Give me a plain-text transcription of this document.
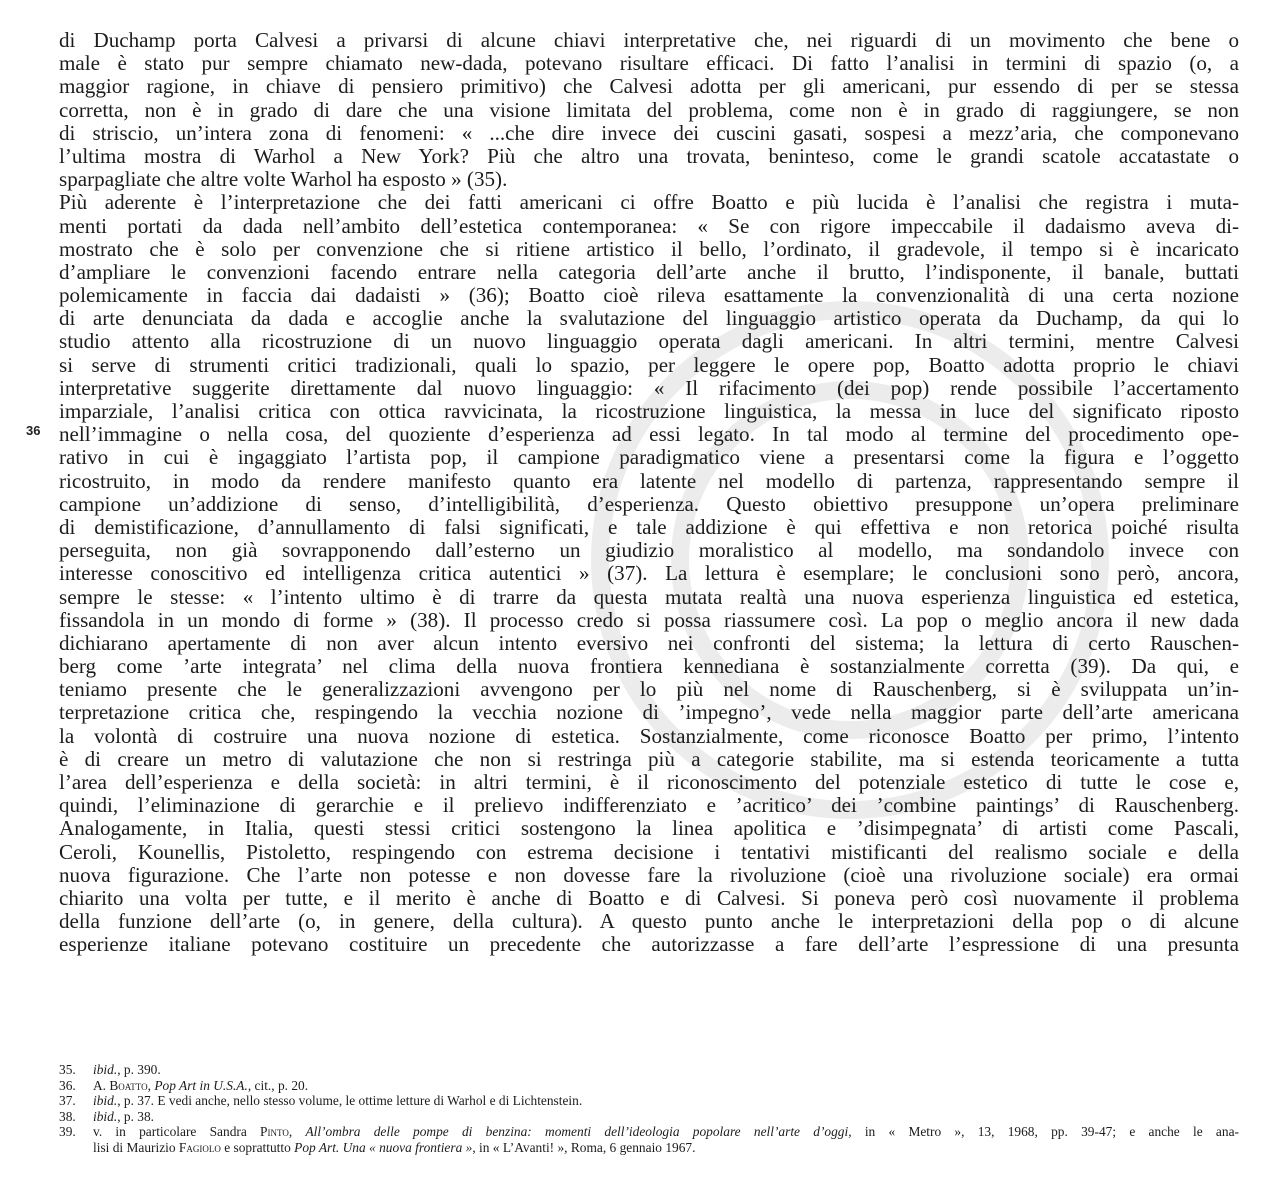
36
di Duchamp porta Calvesi a privarsi di alcune chiavi interpretative che, nei riguardi di un movimento che bene o
male è stato pur sempre chiamato new-dada, potevano risultare efficaci. Di fatto l’analisi in termini di spazio (o, a
maggior ragione, in chiave di pensiero primitivo) che Calvesi adotta per gli americani, pur essendo di per se stessa
corretta, non è in grado di dare che una visione limitata del problema, come non è in grado di raggiungere, se non
di striscio, un’intera zona di fenomeni: « ...che dire invece dei cuscini gasati, sospesi a mezz’aria, che componevano
l’ultima mostra di Warhol a New York? Più che altro una trovata, beninteso, come le grandi scatole accatastate o
sparpagliate che altre volte Warhol ha esposto » (35).
Più aderente è l’interpretazione che dei fatti americani ci offre Boatto e più lucida è l’analisi che registra i muta-
menti portati da dada nell’ambito dell’estetica contemporanea: « Se con rigore impeccabile il dadaismo aveva di-
mostrato che è solo per convenzione che si ritiene artistico il bello, l’ordinato, il gradevole, il tempo si è incaricato
d’ampliare le convenzioni facendo entrare nella categoria dell’arte anche il brutto, l’indisponente, il banale, buttati
polemicamente in faccia dai dadaisti » (36); Boatto cioè rileva esattamente la convenzionalità di una certa nozione
di arte denunciata da dada e accoglie anche la svalutazione del linguaggio artistico operata da Duchamp, da qui lo
studio attento alla ricostruzione di un nuovo linguaggio operata dagli americani. In altri termini, mentre Calvesi
si serve di strumenti critici tradizionali, quali lo spazio, per leggere le opere pop, Boatto adotta proprio le chiavi
interpretative suggerite direttamente dal nuovo linguaggio: « Il rifacimento (dei pop) rende possibile l’accertamento
imparziale, l’analisi critica con ottica ravvicinata, la ricostruzione linguistica, la messa in luce del significato riposto
nell’immagine o nella cosa, del quoziente d’esperienza ad essi legato. In tal modo al termine del procedimento ope-
rativo in cui è ingaggiato l’artista pop, il campione paradigmatico viene a presentarsi come la figura e l’oggetto
ricostruito, in modo da rendere manifesto quanto era latente nel modello di partenza, rappresentando sempre il
campione un’addizione di senso, d’intelligibilità, d’esperienza. Questo obiettivo presuppone un’opera preliminare
di demistificazione, d’annullamento di falsi significati, e tale addizione è qui effettiva e non retorica poiché risulta
perseguita, non già sovrapponendo dall’esterno un giudizio moralistico al modello, ma sondandolo invece con
interesse conoscitivo ed intelligenza critica autentici » (37). La lettura è esemplare; le conclusioni sono però, ancora,
sempre le stesse: « l’intento ultimo è di trarre da questa mutata realtà una nuova esperienza linguistica ed estetica,
fissandola in un mondo di forme » (38). Il processo credo si possa riassumere così. La pop o meglio ancora il new dada
dichiarano apertamente di non aver alcun intento eversivo nei confronti del sistema; la lettura di certo Rauschen-
berg come ’arte integrata’ nel clima della nuova frontiera kennediana è sostanzialmente corretta (39). Da qui, e
teniamo presente che le generalizzazioni avvengono per lo più nel nome di Rauschenberg, si è sviluppata un’in-
terpretazione critica che, respingendo la vecchia nozione di ’impegno’, vede nella maggior parte dell’arte americana
la volontà di costruire una nuova nozione di estetica. Sostanzialmente, come riconosce Boatto per primo, l’intento
è di creare un metro di valutazione che non si restringa più a categorie stabilite, ma si estenda teoricamente a tutta
l’area dell’esperienza e della società: in altri termini, è il riconoscimento del potenziale estetico di tutte le cose e,
quindi, l’eliminazione di gerarchie e il prelievo indifferenziato e ’acritico’ dei ’combine paintings’ di Rauschenberg.
Analogamente, in Italia, questi stessi critici sostengono la linea apolitica e ’disimpegnata’ di artisti come Pascali,
Ceroli, Kounellis, Pistoletto, respingendo con estrema decisione i tentativi mistificanti del realismo sociale e della
nuova figurazione. Che l’arte non potesse e non dovesse fare la rivoluzione (cioè una rivoluzione sociale) era ormai
chiarito una volta per tutte, e il merito è anche di Boatto e di Calvesi. Si poneva però così nuovamente il problema
della funzione dell’arte (o, in genere, della cultura). A questo punto anche le interpretazioni della pop o di alcune
esperienze italiane potevano costituire un precedente che autorizzasse a fare dell’arte l’espressione di una presunta
35.	ibid., p. 390.
36.	A. Boatto, Pop Art in U.S.A., cit., p. 20.
37.	ibid., p. 37. E vedi anche, nello stesso volume, le ottime letture di Warhol e di Lichtenstein.
38.	ibid., p. 38.
39.	v. in particolare Sandra Pinto, All’ombra delle pompe di benzina: momenti dell’ideologia popolare nell’arte d’oggi, in « Metro », 13, 1968, pp. 39-47; e anche le ana-
lisi di Maurizio Fagiolo e soprattutto Pop Art. Una « nuova frontiera », in « L’Avanti! », Roma, 6 gennaio 1967.
